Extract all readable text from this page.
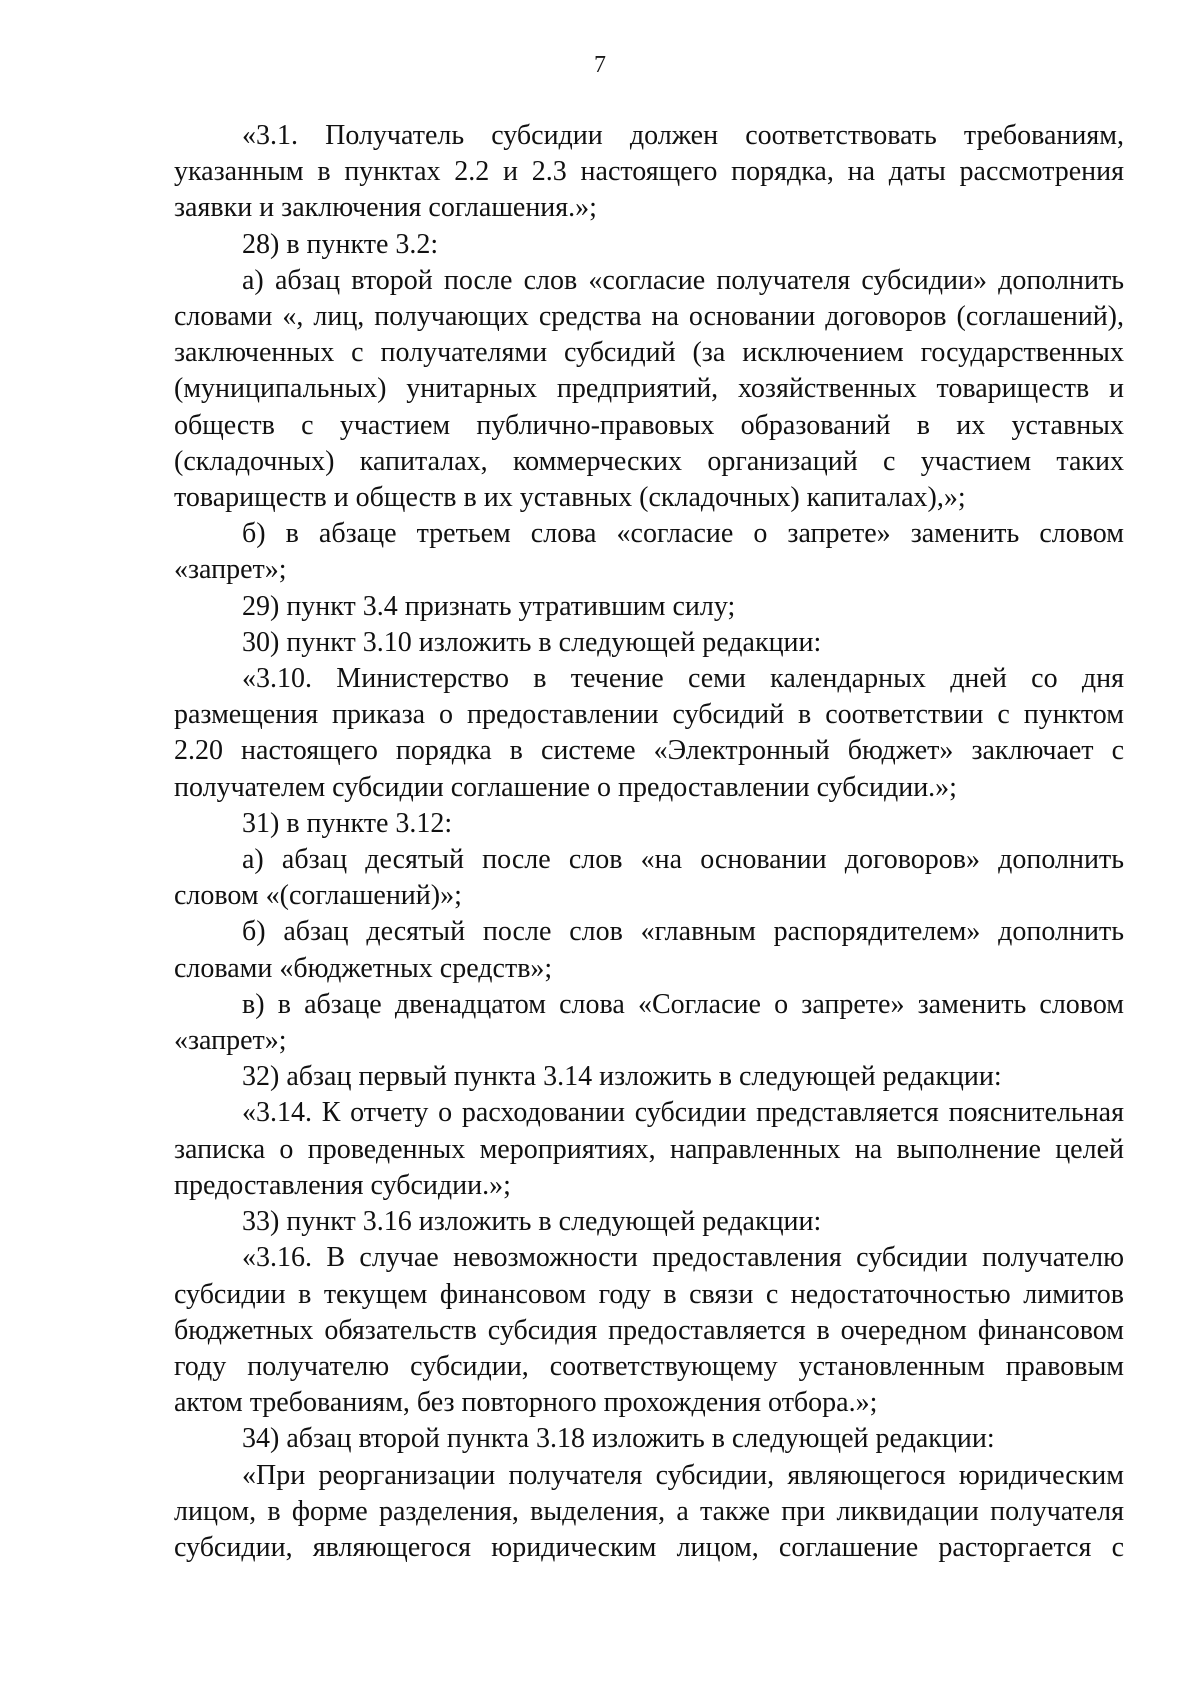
7

«3.1. Получатель субсидии должен соответствовать требованиям, указанным в пунктах 2.2 и 2.3 настоящего порядка, на даты рассмотрения заявки и заключения соглашения.»;

28) в пункте 3.2:

а) абзац второй после слов «согласие получателя субсидии» дополнить словами «, лиц, получающих средства на основании договоров (соглашений), заключенных с получателями субсидий (за исключением государственных (муниципальных) унитарных предприятий, хозяйственных товариществ и обществ с участием публично-правовых образований в их уставных (складочных) капиталах, коммерческих организаций с участием таких товариществ и обществ в их уставных (складочных) капиталах),»;

б) в абзаце третьем слова «согласие о запрете» заменить словом «запрет»;

29) пункт 3.4 признать утратившим силу;

30) пункт 3.10 изложить в следующей редакции:

«3.10. Министерство в течение семи календарных дней со дня размещения приказа о предоставлении субсидий в соответствии с пунктом 2.20 настоящего порядка в системе «Электронный бюджет» заключает с получателем субсидии соглашение о предоставлении субсидии.»;

31) в пункте 3.12:

а) абзац десятый после слов «на основании договоров» дополнить словом «(соглашений)»;

б) абзац десятый после слов «главным распорядителем» дополнить словами «бюджетных средств»;

в) в абзаце двенадцатом слова «Согласие о запрете» заменить словом «запрет»;

32) абзац первый пункта 3.14 изложить в следующей редакции:

«3.14. К отчету о расходовании субсидии представляется пояснительная записка о проведенных мероприятиях, направленных на выполнение целей предоставления субсидии.»;

33) пункт 3.16 изложить в следующей редакции:

«3.16. В случае невозможности предоставления субсидии получателю субсидии в текущем финансовом году в связи с недостаточностью лимитов бюджетных обязательств субсидия предоставляется в очередном финансовом году получателю субсидии, соответствующему установленным правовым актом требованиям, без повторного прохождения отбора.»;

34) абзац второй пункта 3.18 изложить в следующей редакции:

«При реорганизации получателя субсидии, являющегося юридическим лицом, в форме разделения, выделения, а также при ликвидации получателя субсидии, являющегося юридическим лицом, соглашение расторгается с
